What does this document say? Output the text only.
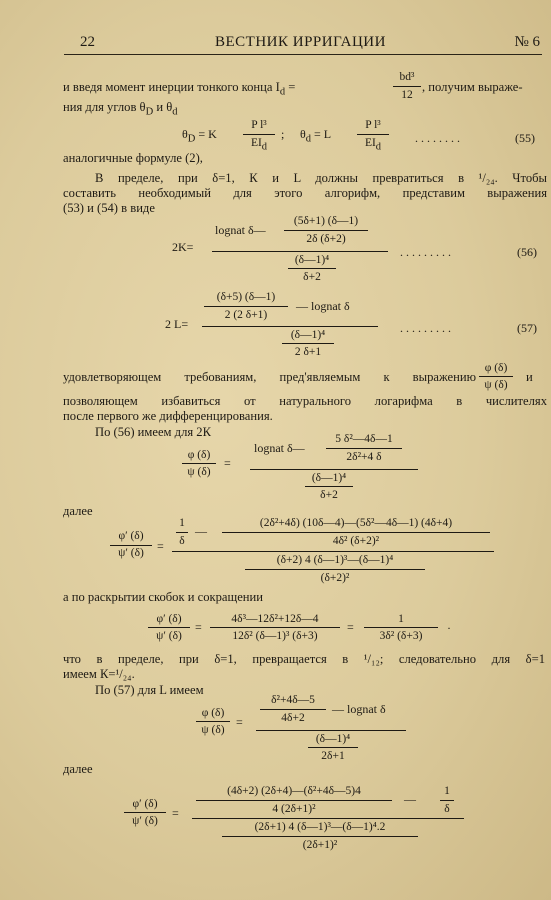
22	ВЕСТНИК ИРРИГАЦИИ	№ 6
и введя момент инерции тонкого конца $I_d$ =
bd³
12
, получим выраже-
ния для углов $\theta_D$ и $\theta_d$
$\theta_D = K$
P l³
$EI_d$
; $\theta_d = L$
P l³
$EI_d$
. . . . . . . .	(55)
аналогичные формуле (2),
В пределе, при δ=1, К и L должны превратиться в ¹/₂₄. Чтобы
составить необходимый для этого алгорифм, представим выражения
(53) и (54) в виде
2K=
lognat δ—
(5δ+1) (δ—1)
2δ (δ+2)
(δ—1)⁴
δ+2
. . . . . . . . .	(56)
2 L=
(δ+5) (δ—1)
2 (2 δ+1)
— lognat δ
(δ—1)⁴
2 δ+1
. . . . . . . . .	(57)
удовлетворяющем требованиям, пред'являемым к выражению
φ (δ)
ψ (δ)
и
позволяющем избавиться от натурального логарифма в числителях
после первого же дифференцирования.
По (56) имеем для 2К
φ (δ)
ψ (δ)
=
lognat δ—
5 δ²—4δ—1
2δ²+4 δ
(δ—1)⁴
δ+2
далее
φ′ (δ)
ψ′ (δ)	=
1
δ
—
(2δ²+4δ) (10δ—4)—(5δ²—4δ—1) (4δ+4)
4δ² (δ+2)²
(δ+2) 4 (δ—1)³—(δ—1)⁴
(δ+2)²
а по раскрытии скобок и сокращении
φ′ (δ)
ψ′ (δ)
=
4δ³—12δ²+12δ—4
12δ² (δ—1)³ (δ+3)
=
1
3δ² (δ+3)
·
что в пределе, при δ=1, превращается в ¹/₁₂; следовательно для δ=1
имеем К=¹/₂₄.
По (57) для L имеем
φ (δ)
ψ (δ)
=
δ²+4δ—5
4δ+2
— lognat δ
(δ—1)⁴
2δ+1
далее
φ′ (δ)
ψ′ (δ)
=
(4δ+2) (2δ+4)—(δ²+4δ—5)4
4 (2δ+1)²
—
1
δ
(2δ+1) 4 (δ—1)³—(δ—1)⁴.2
(2δ+1)²
